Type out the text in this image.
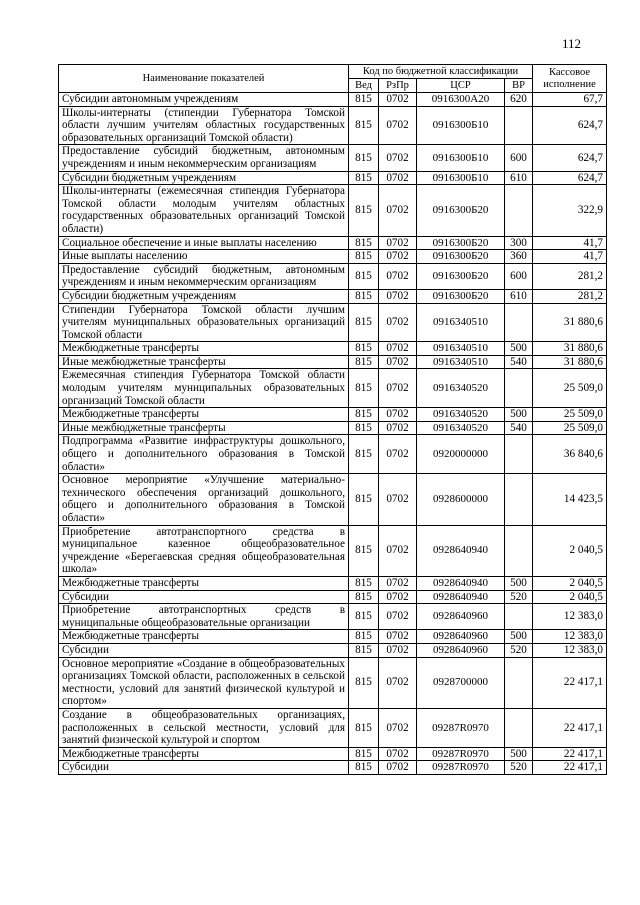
112
Наименование показателей	Код по бюджетной классификации				Кассовое исполнение
	Вед	РзПр	ЦСР	ВР	
Субсидии автономным учреждениям	815	0702	0916300А20	620	67,7
Школы-интернаты (стипендии Губернатора Томской области лучшим учителям областных государственных образовательных организаций Томской области)	815	0702	0916300Б10		624,7
Предоставление субсидий бюджетным, автономным учреждениям и иным некоммерческим организациям	815	0702	0916300Б10	600	624,7
Субсидии бюджетным учреждениям	815	0702	0916300Б10	610	624,7
Школы-интернаты (ежемесячная стипендия Губернатора Томской области молодым учителям областных государственных образовательных организаций Томской области)	815	0702	0916300Б20		322,9
Социальное обеспечение и иные выплаты населению	815	0702	0916300Б20	300	41,7
Иные выплаты населению	815	0702	0916300Б20	360	41,7
Предоставление субсидий бюджетным, автономным учреждениям и иным некоммерческим организациям	815	0702	0916300Б20	600	281,2
Субсидии бюджетным учреждениям	815	0702	0916300Б20	610	281,2
Стипендии Губернатора Томской области лучшим учителям муниципальных образовательных организаций Томской области	815	0702	0916340510		31 880,6
Межбюджетные трансферты	815	0702	0916340510	500	31 880,6
Иные межбюджетные трансферты	815	0702	0916340510	540	31 880,6
Ежемесячная стипендия Губернатора Томской области молодым учителям муниципальных образовательных организаций Томской области	815	0702	0916340520		25 509,0
Межбюджетные трансферты	815	0702	0916340520	500	25 509,0
Иные межбюджетные трансферты	815	0702	0916340520	540	25 509,0
Подпрограмма «Развитие инфраструктуры дошкольного, общего и дополнительного образования в Томской области»	815	0702	0920000000		36 840,6
Основное мероприятие «Улучшение материально-технического обеспечения организаций дошкольного, общего и дополнительного образования в Томской области»	815	0702	0928600000		14 423,5
Приобретение автотранспортного средства в муниципальное казенное общеобразовательное учреждение «Берегаевская средняя общеобразовательная школа»	815	0702	0928640940		2 040,5
Межбюджетные трансферты	815	0702	0928640940	500	2 040,5
Субсидии	815	0702	0928640940	520	2 040,5
Приобретение автотранспортных средств в муниципальные общеобразовательные организации	815	0702	0928640960		12 383,0
Межбюджетные трансферты	815	0702	0928640960	500	12 383,0
Субсидии	815	0702	0928640960	520	12 383,0
Основное мероприятие «Создание в общеобразовательных организациях Томской области, расположенных в сельской местности, условий для занятий физической культурой и спортом»	815	0702	0928700000		22 417,1
Создание в общеобразовательных организациях, расположенных в сельской местности, условий для занятий физической культурой и спортом	815	0702	09287R0970		22 417,1
Межбюджетные трансферты	815	0702	09287R0970	500	22 417,1
Субсидии	815	0702	09287R0970	520	22 417,1
